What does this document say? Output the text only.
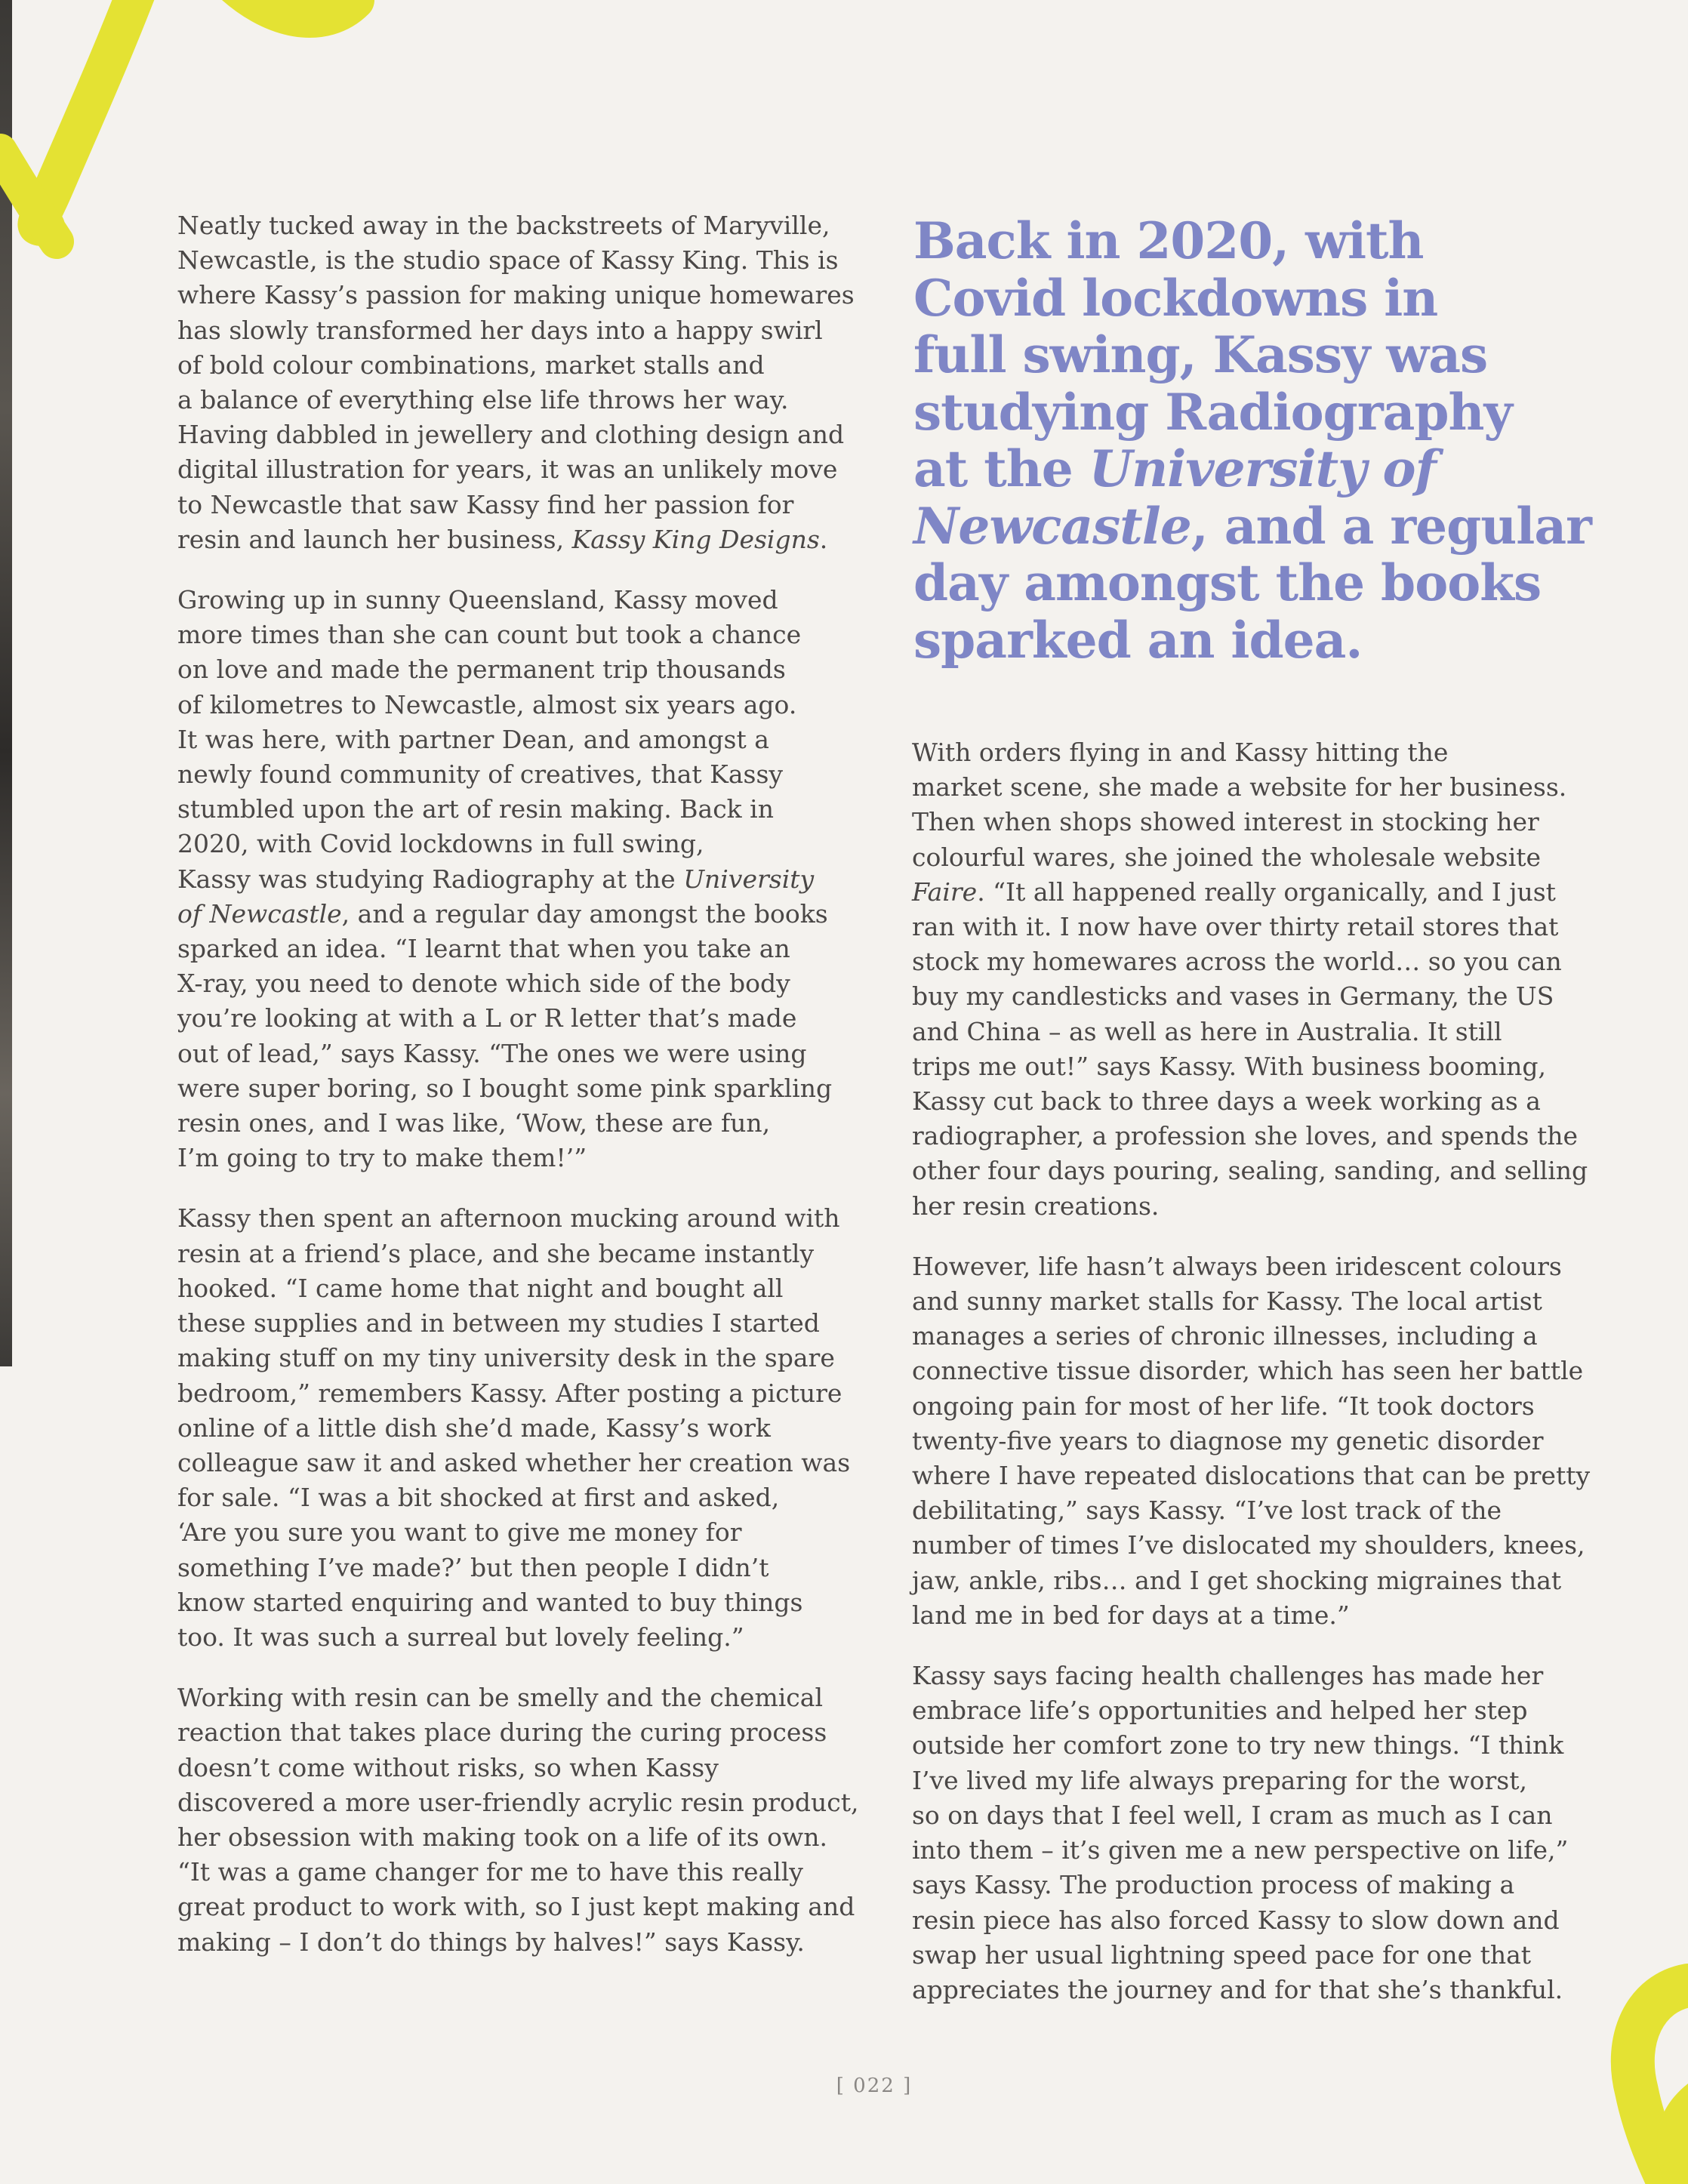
Neatly tucked away in the backstreets of Maryville,
Newcastle, is the studio space of Kassy King. This is
where Kassy’s passion for making unique homewares
has slowly transformed her days into a happy swirl
of bold colour combinations, market stalls and
a balance of everything else life throws her way.
Having dabbled in jewellery and clothing design and
digital illustration for years, it was an unlikely move
to Newcastle that saw Kassy find her passion for
resin and launch her business, Kassy King Designs.

Growing up in sunny Queensland, Kassy moved
more times than she can count but took a chance
on love and made the permanent trip thousands
of kilometres to Newcastle, almost six years ago.
It was here, with partner Dean, and amongst a
newly found community of creatives, that Kassy
stumbled upon the art of resin making. Back in
2020, with Covid lockdowns in full swing,
Kassy was studying Radiography at the University
of Newcastle, and a regular day amongst the books
sparked an idea. “I learnt that when you take an
X-ray, you need to denote which side of the body
you’re looking at with a L or R letter that’s made
out of lead,” says Kassy. “The ones we were using
were super boring, so I bought some pink sparkling
resin ones, and I was like, ‘Wow, these are fun,
I’m going to try to make them!’”

Kassy then spent an afternoon mucking around with
resin at a friend’s place, and she became instantly
hooked. “I came home that night and bought all
these supplies and in between my studies I started
making stuff on my tiny university desk in the spare
bedroom,” remembers Kassy. After posting a picture
online of a little dish she’d made, Kassy’s work
colleague saw it and asked whether her creation was
for sale. “I was a bit shocked at first and asked,
‘Are you sure you want to give me money for
something I’ve made?’ but then people I didn’t
know started enquiring and wanted to buy things
too. It was such a surreal but lovely feeling.”

Working with resin can be smelly and the chemical
reaction that takes place during the curing process
doesn’t come without risks, so when Kassy
discovered a more user-friendly acrylic resin product,
her obsession with making took on a life of its own.
“It was a game changer for me to have this really
great product to work with, so I just kept making and
making – I don’t do things by halves!” says Kassy.

Back in 2020, with
Covid lockdowns in
full swing, Kassy was
studying Radiography
at the University of
Newcastle, and a regular
day amongst the books
sparked an idea.

With orders flying in and Kassy hitting the
market scene, she made a website for her business.
Then when shops showed interest in stocking her
colourful wares, she joined the wholesale website
Faire. “It all happened really organically, and I just
ran with it. I now have over thirty retail stores that
stock my homewares across the world… so you can
buy my candlesticks and vases in Germany, the US
and China – as well as here in Australia. It still
trips me out!” says Kassy. With business booming,
Kassy cut back to three days a week working as a
radiographer, a profession she loves, and spends the
other four days pouring, sealing, sanding, and selling
her resin creations.

However, life hasn’t always been iridescent colours
and sunny market stalls for Kassy. The local artist
manages a series of chronic illnesses, including a
connective tissue disorder, which has seen her battle
ongoing pain for most of her life. “It took doctors
twenty-five years to diagnose my genetic disorder
where I have repeated dislocations that can be pretty
debilitating,” says Kassy. “I’ve lost track of the
number of times I’ve dislocated my shoulders, knees,
jaw, ankle, ribs… and I get shocking migraines that
land me in bed for days at a time.”

Kassy says facing health challenges has made her
embrace life’s opportunities and helped her step
outside her comfort zone to try new things. “I think
I’ve lived my life always preparing for the worst,
so on days that I feel well, I cram as much as I can
into them – it’s given me a new perspective on life,”
says Kassy. The production process of making a
resin piece has also forced Kassy to slow down and
swap her usual lightning speed pace for one that
appreciates the journey and for that she’s thankful.

[ 022 ]
